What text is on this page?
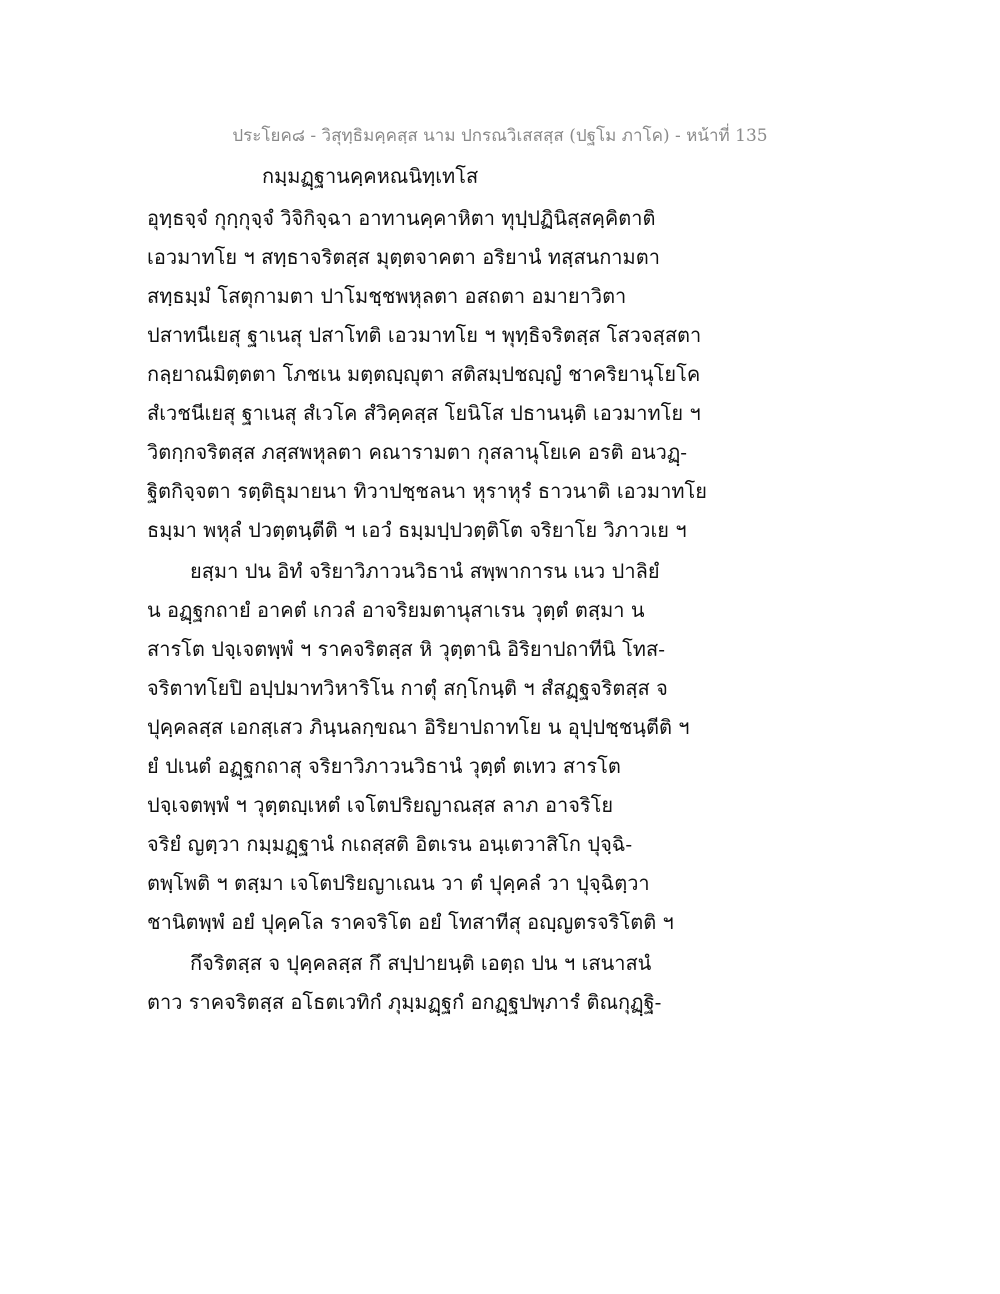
ประโยค๘ - วิสุทฺธิมคฺคสฺส นาม ปกรณวิเสสสฺส (ปฐโม ภาโค) - หน้าที่ 135
กมฺมฏฺฐานคฺคหณนิทฺเทโส
อุทฺธจฺจํ กุกฺกุจฺจํ วิจิกิจฺฉา อาทานคฺคาหิตา ทุปฺปฏินิสฺสคฺคิตาติ
เอวมาทโย ฯ สทฺธาจริตสฺส มุตฺตจาคตา อริยานํ ทสฺสนกามตา
สทฺธมฺมํ โสตุกามตา ปาโมชฺชพหุลตา อสถตา อมายาวิตา
ปสาทนีเยสุ ฐาเนสุ ปสาโทติ เอวมาทโย ฯ พุทฺธิจริตสฺส โสวจสฺสตา
กลฺยาณมิตฺตตา โภชเน มตฺตญฺญุตา สติสมฺปชญฺญํ ชาคริยานุโยโค
สํเวชนีเยสุ ฐาเนสุ สํเวโค สํวิคฺคสฺส โยนิโส ปธานนฺติ เอวมาทโย ฯ
วิตกฺกจริตสฺส ภสฺสพหุลตา คณารามตา กุสลานุโยเค อรติ อนวฏฺ-
ฐิตกิจฺจตา รตฺติธุมายนา ทิวาปชฺชลนา หุราหุรํ ธาวนาติ เอวมาทโย
ธมฺมา พหุลํ ปวตฺตนฺตีติ ฯ เอวํ ธมฺมปฺปวตฺติโต จริยาโย วิภาวเย ฯ
ยสฺมา ปน อิทํ จริยาวิภาวนวิธานํ สพฺพาการน เนว ปาลิยํ
น อฏฺฐกถายํ อาคตํ เกวลํ อาจริยมตานุสาเรน วุตฺตํ ตสฺมา น
สารโต ปจฺเจตพฺพํ ฯ ราคจริตสฺส หิ วุตฺตานิ อิริยาปถาทีนิ โทส-
จริตาทโยปิ อปฺปมาทวิหาริโน กาตุํ สกฺโกนฺติ ฯ สํสฏฺฐจริตสฺส จ
ปุคฺคลสฺส เอกสฺเสว ภินฺนลกฺขณา อิริยาปถาทโย น อุปฺปชฺชนฺตีติ ฯ
ยํ ปเนตํ อฏฺฐกถาสุ จริยาวิภาวนวิธานํ วุตฺตํ ตเทว สารโต
ปจฺเจตพฺพํ ฯ วุตฺตญฺเหตํ เจโตปริยญาณสฺส ลาภ อาจริโย
จริยํ ญตฺวา กมฺมฏฺฐานํ กเถสฺสติ อิตเรน อนฺเตวาสิโก ปุจฺฉิ-
ตพฺโพติ ฯ ตสฺมา เจโตปริยญาเณน วา ตํ ปุคฺคลํ วา ปุจฺฉิตฺวา
ชานิตพฺพํ อยํ ปุคฺคโล ราคจริโต อยํ โทสาทีสุ อญฺญตรจริโตติ ฯ
กึจริตสฺส จ ปุคฺคลสฺส กึ สปฺปายนฺติ เอตฺถ ปน ฯ เสนาสนํ
ตาว ราคจริตสฺส อโธตเวทิกํ ภุมฺมฏฺฐกํ อกฏฺฐปพฺภารํ ติณกุฏฺฐิ-
